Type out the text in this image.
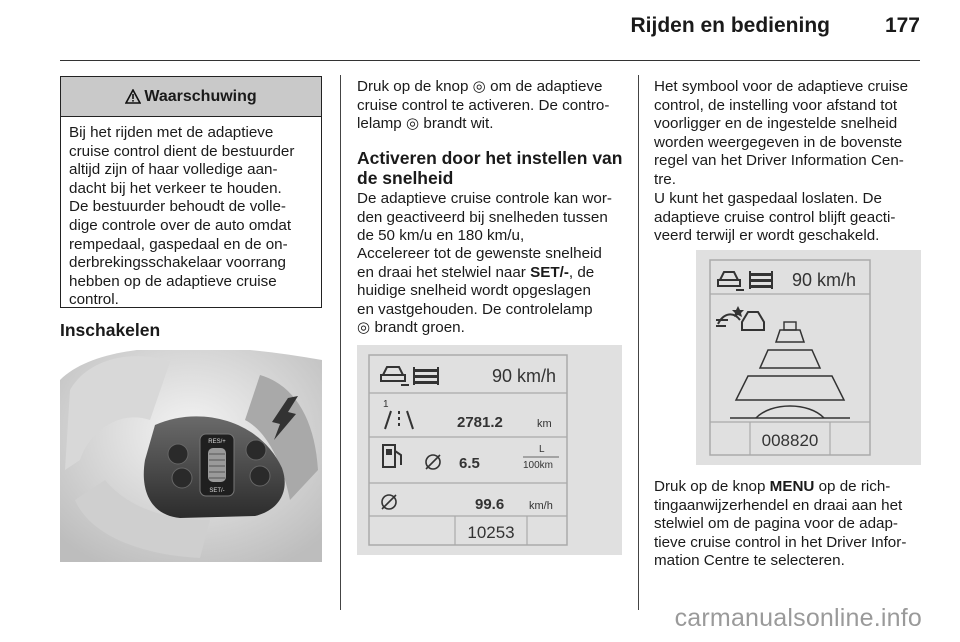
Rijden en bediening	177
Waarschuwing
Bij het rijden met de adaptieve
cruise control dient de bestuurder
altijd zijn of haar volledige aan-
dacht bij het verkeer te houden.
De bestuurder behoudt de volle-
dige controle over de auto omdat
rempedaal, gaspedaal en de on-
derbrekingsschakelaar voorrang
hebben op de adaptieve cruise
control.
Inschakelen
RES/+
SET/-
Druk op de knop ◎ om de adaptieve
cruise control te activeren. De contro-
lelamp ◎ brandt wit.
Activeren door het instellen van
de snelheid
De adaptieve cruise controle kan wor-
den geactiveerd bij snelheden tussen
de 50 km/u en 180 km/u,
Accelereer tot de gewenste snelheid
en draai het stelwiel naar SET/-, de
huidige snelheid wordt opgeslagen
en vastgehouden. De controlelamp
◎ brandt groen.
90 km/h
1
2781.2	km
6.5
L
100km
99.6 km/h
10253
Het symbool voor de adaptieve cruise
control, de instelling voor afstand tot
voorligger en de ingestelde snelheid
worden weergegeven in de bovenste
regel van het Driver Information Cen-
tre.
U kunt het gaspedaal loslaten. De
adaptieve cruise control blijft geacti-
veerd terwijl er wordt geschakeld.
90 km/h
008820
Druk op de knop MENU op de rich-
tingaanwijzerhendel en draai aan het
stelwiel om de pagina voor de adap-
tieve cruise control in het Driver Infor-
mation Centre te selecteren.
carmanualsonline.info
